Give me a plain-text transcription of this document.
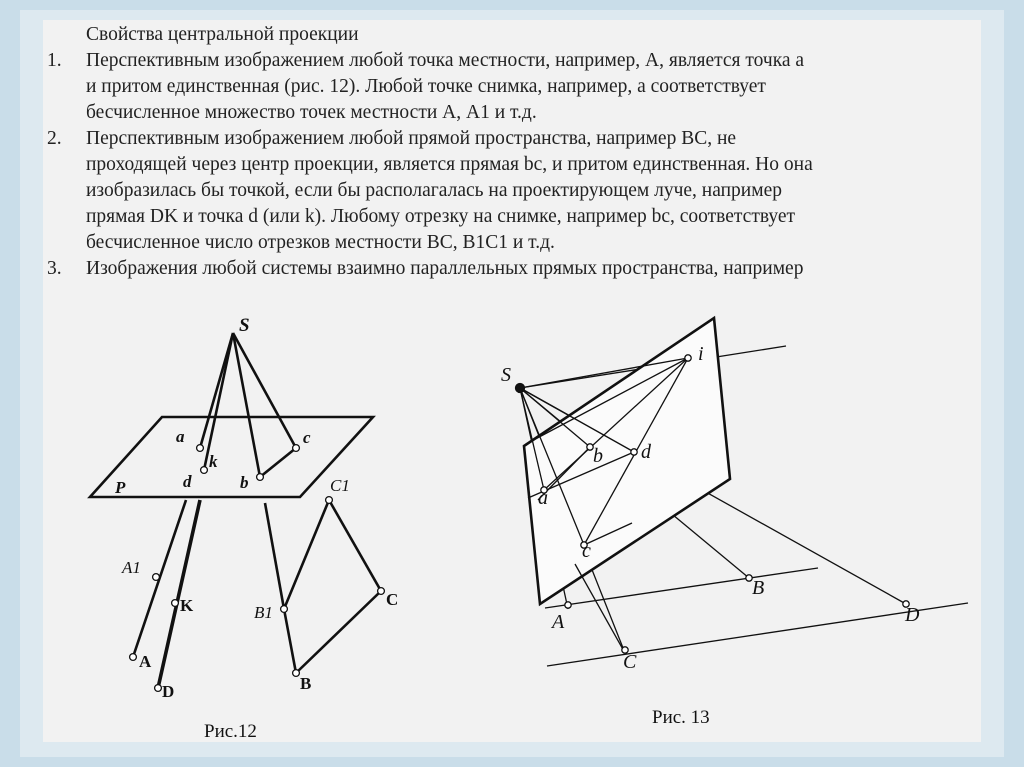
Свойства центральной проекции
1. Перспективным изображением любой точка местности, например, А, является точка а
и притом единственная (рис. 12). Любой точке снимка, например, а соответствует
бесчисленное множество точек местности А, А1 и т.д.
2. Перспективным изображением любой прямой пространства, например ВС, не
проходящей через центр проекции, является прямая bc, и притом единственная. Но она
изобразилась бы точкой, если бы располагалась на проектирующем луче, например
прямая DK и точка d (или k). Любому отрезку на снимке, например bc, соответствует
бесчисленное число отрезков местности ВС, В1С1 и т.д.
3. Изображения любой системы взаимно параллельных прямых пространства, например
S
P
a
k
c
d	b	C1
A1
K	B1
C
A
B
D
Рис.12
S
i
b d
a
c
B
A	D
C
Рис. 13
